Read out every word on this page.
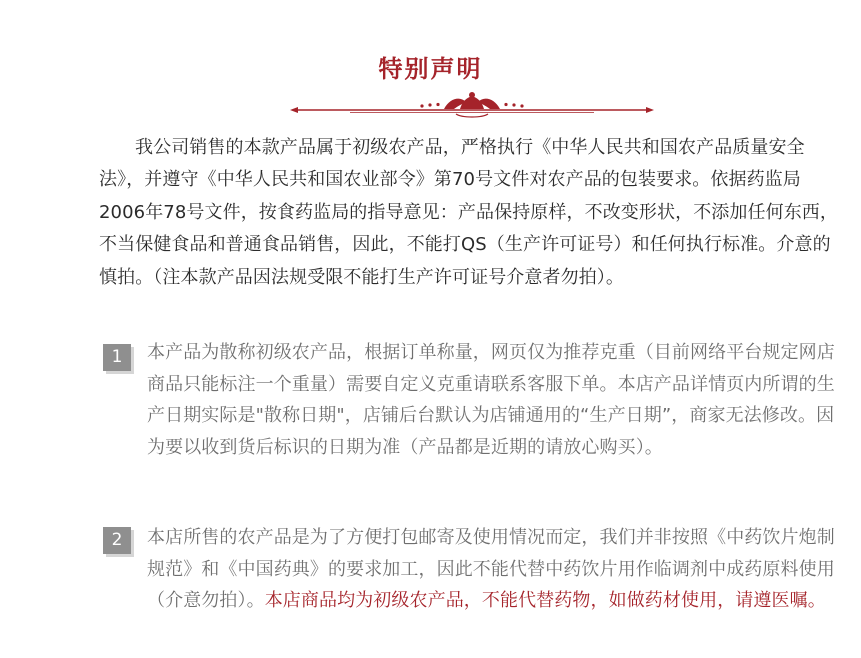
特别声明

我公司销售的本款产品属于初级农产品，严格执行《中华人民共和国农产品质量安全法》，并遵守《中华人民共和国农业部令》第70号文件对农产品的包装要求。依据药监局2006年78号文件，按食药监局的指导意见：产品保持原样，不改变形状，不添加任何东西，不当保健食品和普通食品销售，因此，不能打QS（生产许可证号）和任何执行标准。介意的慎拍。（注本款产品因法规受限不能打生产许可证号介意者勿拍）。

1	本产品为散称初级农产品，根据订单称量，网页仅为推荐克重（目前网络平台规定网店商品只能标注一个重量）需要自定义克重请联系客服下单。本店产品详情页内所谓的生产日期实际是"散称日期"，店铺后台默认为店铺通用的“生产日期”，商家无法修改。因为要以收到货后标识的日期为准（产品都是近期的请放心购买）。

2	本店所售的农产品是为了方便打包邮寄及使用情况而定，我们并非按照《中药饮片炮制规范》和《中国药典》的要求加工，因此不能代替中药饮片用作临调剂中成药原料使用（介意勿拍）。本店商品均为初级农产品，不能代替药物，如做药材使用，请遵医嘱。
